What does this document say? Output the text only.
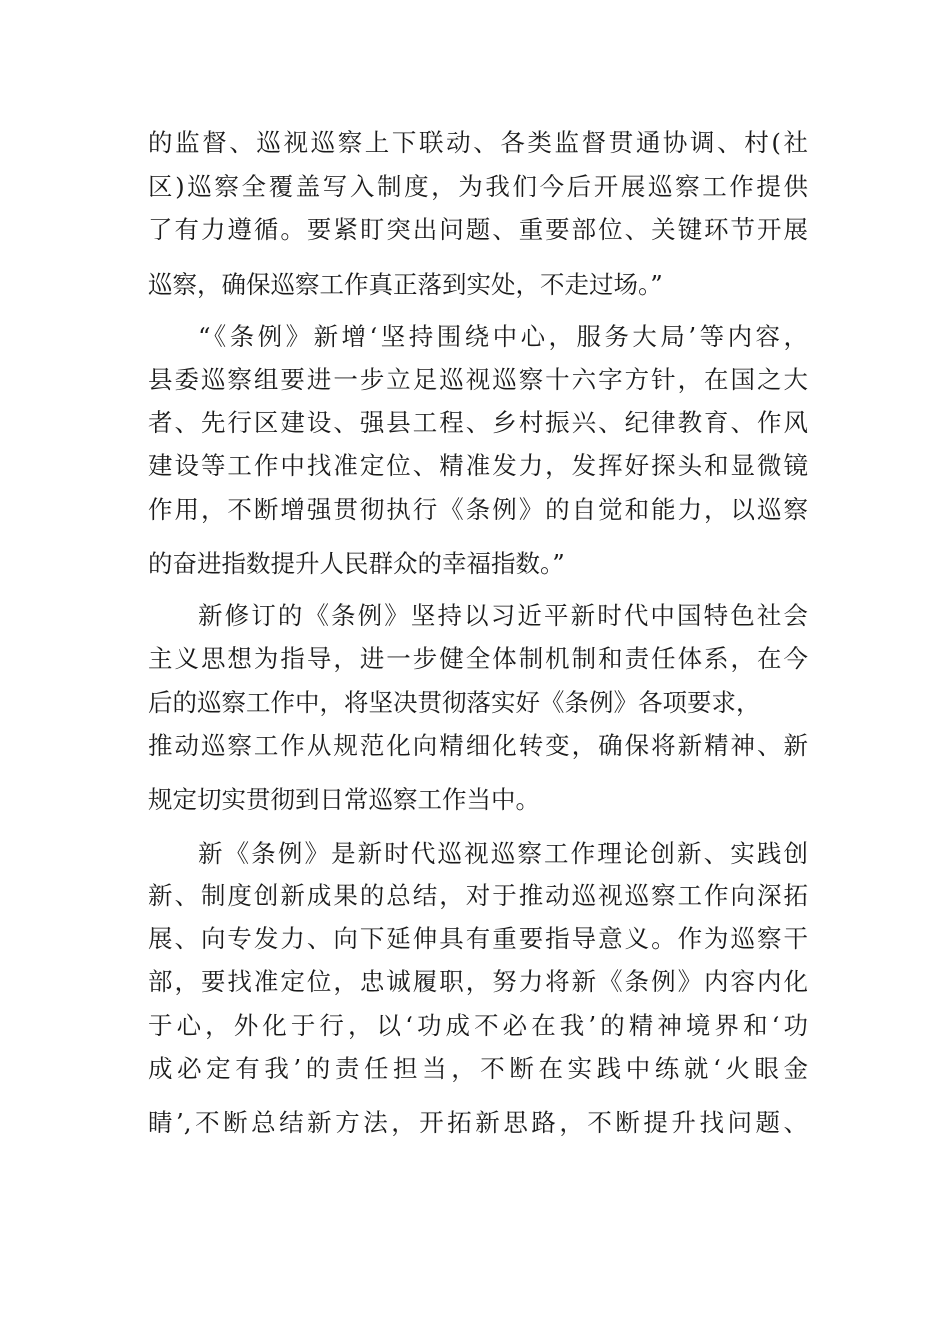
的监督、巡视巡察上下联动、各类监督贯通协调、村(社

区)巡察全覆盖写入制度，为我们今后开展巡察工作提供

了有力遵循。要紧盯突出问题、重要部位、关键环节开展

巡察，确保巡察工作真正落到实处，不走过场。”

“《条例》新增‘坚持围绕中心，服务大局’等内容，

县委巡察组要进一步立足巡视巡察十六字方针，在国之大

者、先行区建设、强县工程、乡村振兴、纪律教育、作风

建设等工作中找准定位、精准发力，发挥好探头和显微镜

作用，不断增强贯彻执行《条例》的自觉和能力，以巡察

的奋进指数提升人民群众的幸福指数。”

新修订的《条例》坚持以习近平新时代中国特色社会

主义思想为指导，进一步健全体制机制和责任体系，在今

后的巡察工作中，将坚决贯彻落实好《条例》各项要求，

推动巡察工作从规范化向精细化转变，确保将新精神、新

规定切实贯彻到日常巡察工作当中。

新《条例》是新时代巡视巡察工作理论创新、实践创

新、制度创新成果的总结，对于推动巡视巡察工作向深拓

展、向专发力、向下延伸具有重要指导意义。作为巡察干

部，要找准定位，忠诚履职，努力将新《条例》内容内化

于心，外化于行，以‘功成不必在我’的精神境界和‘功

成必定有我’的责任担当，不断在实践中练就‘火眼金

睛’,不断总结新方法，开拓新思路，不断提升找问题、
